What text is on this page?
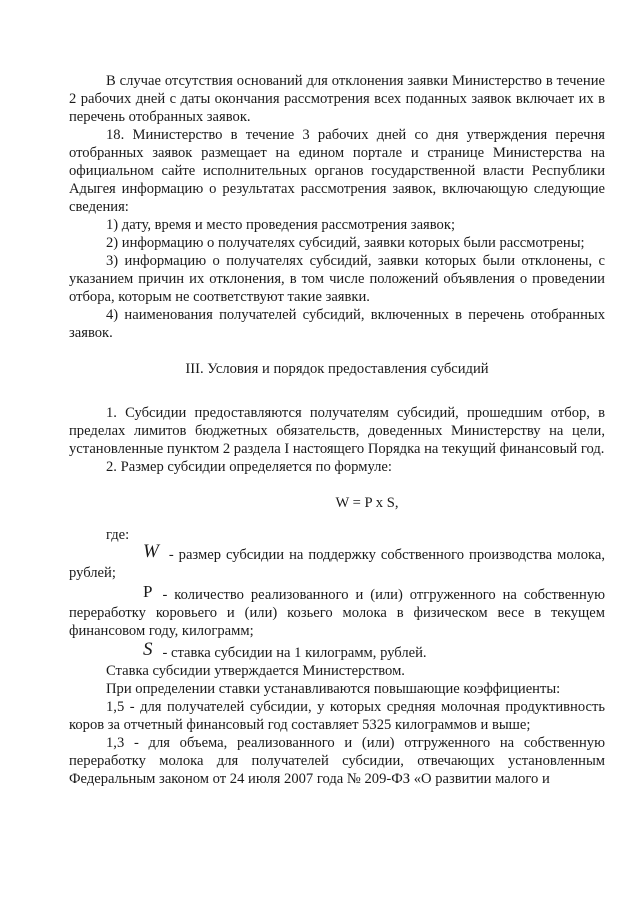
В случае отсутствия оснований для отклонения заявки Министерство в течение 2 рабочих дней с даты окончания рассмотрения всех поданных заявок включает их в перечень отобранных заявок.

18. Министерство в течение 3 рабочих дней со дня утверждения перечня отобранных заявок размещает на едином портале и странице Министерства на официальном сайте исполнительных органов государственной власти Республики Адыгея информацию о результатах рассмотрения заявок, включающую следующие сведения:

1) дату, время и место проведения рассмотрения заявок;

2) информацию о получателях субсидий, заявки которых были рассмотрены;

3) информацию о получателях субсидий, заявки которых были отклонены, с указанием причин их отклонения, в том числе положений объявления о проведении отбора, которым не соответствуют такие заявки.

4) наименования получателей субсидий, включенных в перечень отобранных заявок.

III. Условия и порядок предоставления субсидий

1. Субсидии предоставляются получателям субсидий, прошедшим отбор, в пределах лимитов бюджетных обязательств, доведенных Министерству на цели, установленные пунктом 2 раздела I настоящего Порядка на текущий финансовый год.

2. Размер субсидии определяется по формуле:

W = P x S,

где:

W - размер субсидии на поддержку собственного производства молока, рублей;

P - количество реализованного и (или) отгруженного на собственную переработку коровьего и (или) козьего молока в физическом весе в текущем финансовом году, килограмм;

S - ставка субсидии на 1 килограмм, рублей.

Ставка субсидии утверждается Министерством.

При определении ставки устанавливаются повышающие коэффициенты:

1,5 - для получателей субсидии, у которых средняя молочная продуктивность коров за отчетный финансовый год составляет 5325 килограммов и выше;

1,3 - для объема, реализованного и (или) отгруженного на собственную переработку молока для получателей субсидии, отвечающих установленным Федеральным законом от 24 июля 2007 года № 209-ФЗ «О развитии малого и
